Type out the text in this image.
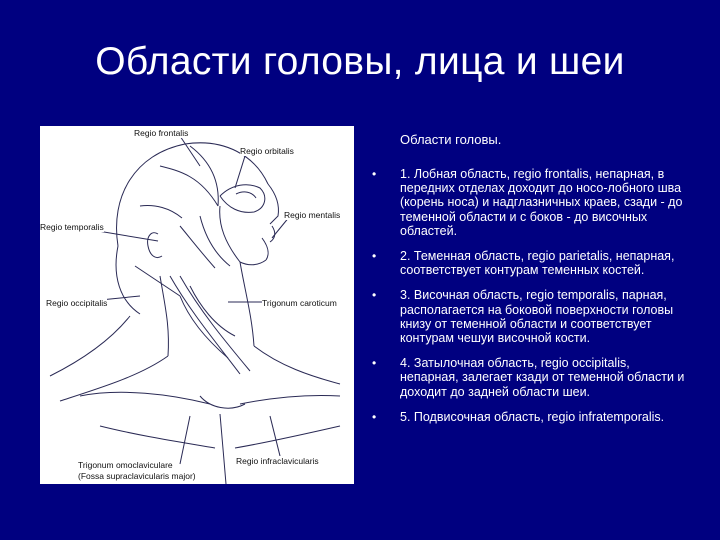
Области головы, лица и шеи
Regio frontalis
Regio orbitalis
Regio mentalis
Regio temporalis
Regio occipitalis	Trigonum caroticum
Trigonum omoclaviculare
(Fossa supraclavicularis major)
Regio infraclavicularis
Области головы.
• 1. Лобная область, regio frontalis, непарная, в передних отделах доходит до носо-лобного шва (корень носа) и надглазничных краев, сзади - до теменной области и с боков - до височных областей.
• 2. Теменная область, regio parietalis, непарная, соответствует контурам теменных костей.
• 3. Височная область, regio temporalis, парная, располагается на боковой поверхности головы книзу от теменной области и соответствует контурам чешуи височной кости.
• 4. Затылочная область, regio occipitalis, непарная, залегает кзади от теменной области и доходит до задней области шеи.
• 5. Подвисочная область, regio infratemporalis.
